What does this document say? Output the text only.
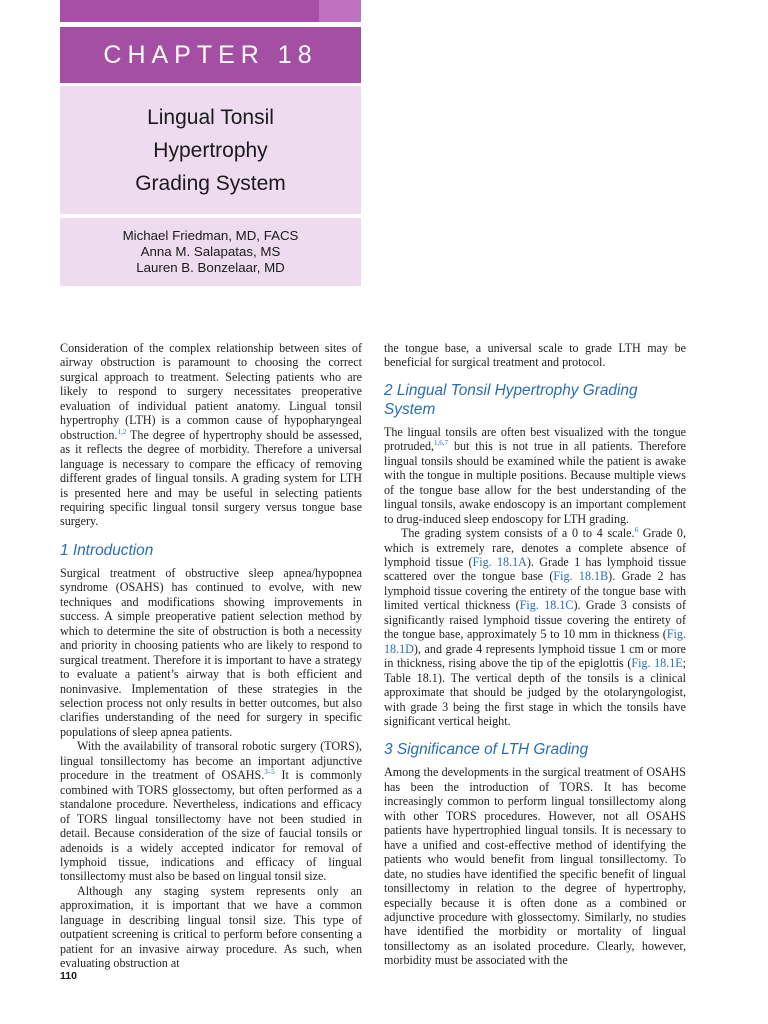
CHAPTER 18
Lingual Tonsil
Hypertrophy
Grading System
Michael Friedman, MD, FACS
Anna M. Salapatas, MS
Lauren B. Bonzelaar, MD

Consideration of the complex relationship between sites of airway obstruction is paramount to choosing the correct surgical approach to treatment. Selecting patients who are likely to respond to surgery necessitates preoperative evaluation of individual patient anatomy. Lingual tonsil hypertrophy (LTH) is a common cause of hypopharyngeal obstruction.$^{1,2}$ The degree of hypertrophy should be assessed, as it reflects the degree of morbidity. Therefore a universal language is necessary to compare the efficacy of removing different grades of lingual tonsils. A grading system for LTH is presented here and may be useful in selecting patients requiring specific lingual tonsil surgery versus tongue base surgery.

1 Introduction

Surgical treatment of obstructive sleep apnea/hypopnea syndrome (OSAHS) has continued to evolve, with new techniques and modifications showing improvements in success. A simple preoperative patient selection method by which to determine the site of obstruction is both a necessity and priority in choosing patients who are likely to respond to surgical treatment. Therefore it is important to have a strategy to evaluate a patient’s airway that is both efficient and noninvasive. Implementation of these strategies in the selection process not only results in better outcomes, but also clarifies understanding of the need for surgery in specific populations of sleep apnea patients.

With the availability of transoral robotic surgery (TORS), lingual tonsillectomy has become an important adjunctive procedure in the treatment of OSAHS.$^{3-5}$ It is commonly combined with TORS glossectomy, but often performed as a standalone procedure. Nevertheless, indications and efficacy of TORS lingual tonsillectomy have not been studied in detail. Because consideration of the size of faucial tonsils or adenoids is a widely accepted indicator for removal of lymphoid tissue, indications and efficacy of lingual tonsillectomy must also be based on lingual tonsil size.

Although any staging system represents only an approximation, it is important that we have a common language in describing lingual tonsil size. This type of outpatient screening is critical to perform before consenting a patient for an invasive airway procedure. As such, when evaluating obstruction at

the tongue base, a universal scale to grade LTH may be beneficial for surgical treatment and protocol.

2 Lingual Tonsil Hypertrophy Grading System

The lingual tonsils are often best visualized with the tongue protruded,$^{1,6,7}$ but this is not true in all patients. Therefore lingual tonsils should be examined while the patient is awake with the tongue in multiple positions. Because multiple views of the tongue base allow for the best understanding of the lingual tonsils, awake endoscopy is an important complement to drug-induced sleep endoscopy for LTH grading.

The grading system consists of a 0 to 4 scale.$^6$ Grade 0, which is extremely rare, denotes a complete absence of lymphoid tissue (Fig. 18.1A). Grade 1 has lymphoid tissue scattered over the tongue base (Fig. 18.1B). Grade 2 has lymphoid tissue covering the entirety of the tongue base with limited vertical thickness (Fig. 18.1C). Grade 3 consists of significantly raised lymphoid tissue covering the entirety of the tongue base, approximately 5 to 10 mm in thickness (Fig. 18.1D), and grade 4 represents lymphoid tissue 1 cm or more in thickness, rising above the tip of the epiglottis (Fig. 18.1E; Table 18.1). The vertical depth of the tonsils is a clinical approximate that should be judged by the otolaryngologist, with grade 3 being the first stage in which the tonsils have significant vertical height.

3 Significance of LTH Grading

Among the developments in the surgical treatment of OSAHS has been the introduction of TORS. It has become increasingly common to perform lingual tonsillectomy along with other TORS procedures. However, not all OSAHS patients have hypertrophied lingual tonsils. It is necessary to have a unified and cost-effective method of identifying the patients who would benefit from lingual tonsillectomy. To date, no studies have identified the specific benefit of lingual tonsillectomy in relation to the degree of hypertrophy, especially because it is often done as a combined or adjunctive procedure with glossectomy. Similarly, no studies have identified the morbidity or mortality of lingual tonsillectomy as an isolated procedure. Clearly, however, morbidity must be associated with the

110
